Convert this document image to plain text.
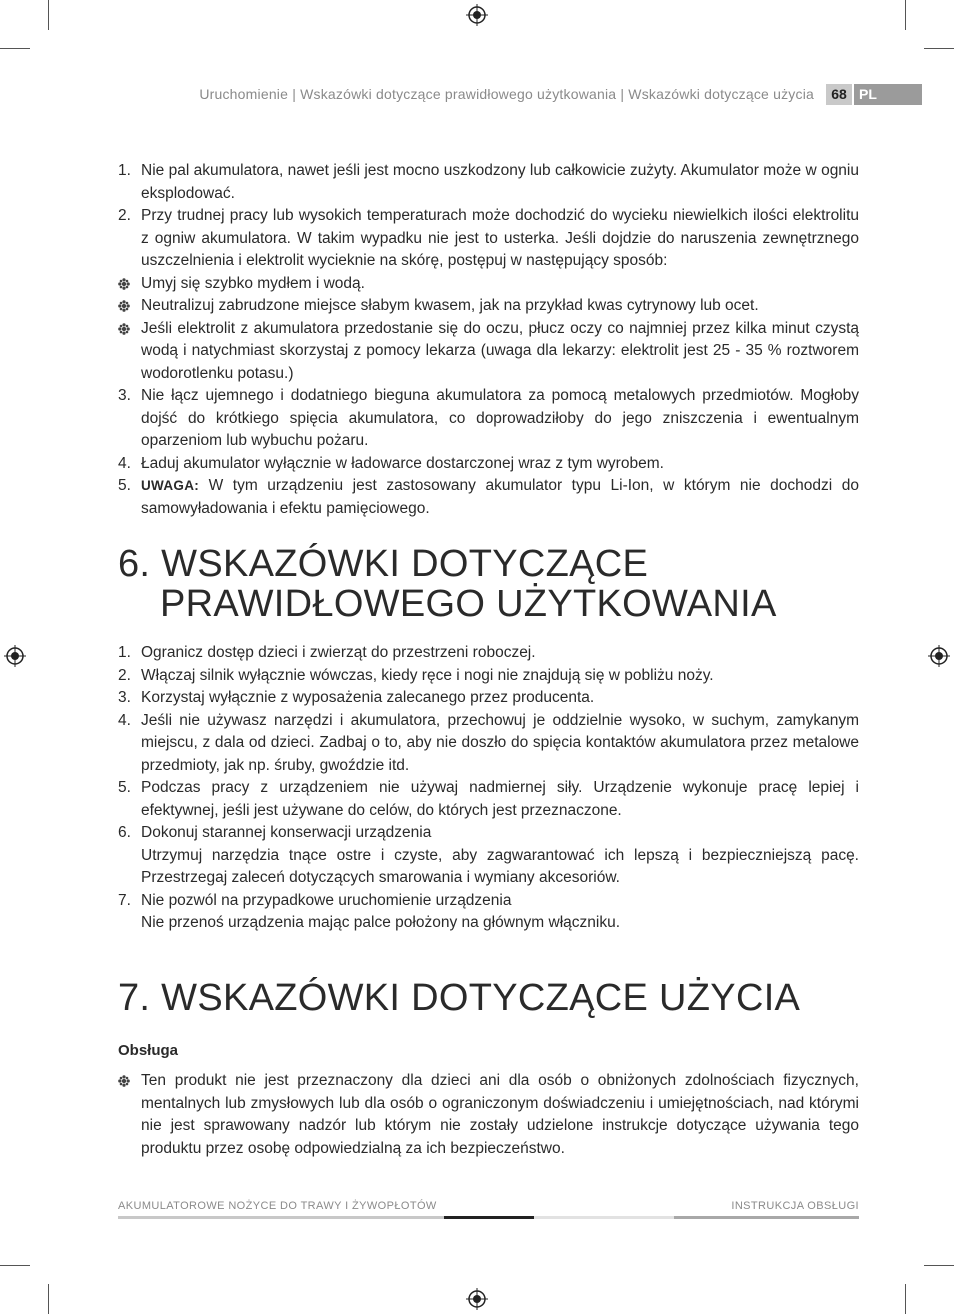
Uruchomienie | Wskazówki dotyczące prawidłowego użytkowania | Wskazówki dotyczące użycia	68 PL
1. Nie pal akumulatora, nawet jeśli jest mocno uszkodzony lub całkowicie zużyty. Akumulator może w ogniu eksplodować.
2. Przy trudnej pracy lub wysokich temperaturach może dochodzić do wycieku niewielkich ilości elektrolitu z ogniw akumulatora. W takim wypadku nie jest to usterka. Jeśli dojdzie do naruszenia zewnętrznego uszczelnienia i elektrolit wycieknie na skórę, postępuj w następujący sposób:
Umyj się szybko mydłem i wodą.
Neutralizuj zabrudzone miejsce słabym kwasem, jak na przykład kwas cytrynowy lub ocet.
Jeśli elektrolit z akumulatora przedostanie się do oczu, płucz oczy co najmniej przez kilka minut czystą wodą i natychmiast skorzystaj z pomocy lekarza (uwaga dla lekarzy: elektrolit jest 25 - 35 % roztworem wodorotlenku potasu.)
3. Nie łącz ujemnego i dodatniego bieguna akumulatora za pomocą metalowych przedmiotów. Mogłoby dojść do krótkiego spięcia akumulatora, co doprowadziłoby do jego zniszczenia i ewentualnym oparzeniom lub wybuchu pożaru.
4. Ładuj akumulator wyłącznie w ładowarce dostarczonej wraz z tym wyrobem.
5. UWAGA: W tym urządzeniu jest zastosowany akumulator typu Li-Ion, w którym nie dochodzi do samowyładowania i efektu pamięciowego.
6. WSKAZÓWKI DOTYCZĄCE
PRAWIDŁOWEGO UŻYTKOWANIA
1. Ogranicz dostęp dzieci i zwierząt do przestrzeni roboczej.
2. Włączaj silnik wyłącznie wówczas, kiedy ręce i nogi nie znajdują się w pobliżu noży.
3. Korzystaj wyłącznie z wyposażenia zalecanego przez producenta.
4. Jeśli nie używasz narzędzi i akumulatora, przechowuj je oddzielnie wysoko, w suchym, zamykanym miejscu, z dala od dzieci. Zadbaj o to, aby nie doszło do spięcia kontaktów akumulatora przez metalowe przedmioty, jak np. śruby, gwoździe itd.
5. Podczas pracy z urządzeniem nie używaj nadmiernej siły. Urządzenie wykonuje pracę lepiej i efektywnej, jeśli jest używane do celów, do których jest przeznaczone.
6. Dokonuj starannej konserwacji urządzenia
Utrzymuj narzędzia tnące ostre i czyste, aby zagwarantować ich lepszą i bezpieczniejszą pacę. Przestrzegaj zaleceń dotyczących smarowania i wymiany akcesoriów.
7. Nie pozwól na przypadkowe uruchomienie urządzenia
Nie przenoś urządzenia mając palce położony na głównym włączniku.
7. WSKAZÓWKI DOTYCZĄCE UŻYCIA
Obsługa
Ten produkt nie jest przeznaczony dla dzieci ani dla osób o obniżonych zdolnościach fizycznych, mentalnych lub zmysłowych lub dla osób o ograniczonym doświadczeniu i umiejętnościach, nad którymi nie jest sprawowany nadzór lub którym nie zostały udzielone instrukcje dotyczące używania tego produktu przez osobę odpowiedzialną za ich bezpieczeństwo.
AKUMULATOROWE NOŻYCE DO TRAWY I ŻYWOPŁOTÓW	INSTRUKCJA OBSŁUGI
